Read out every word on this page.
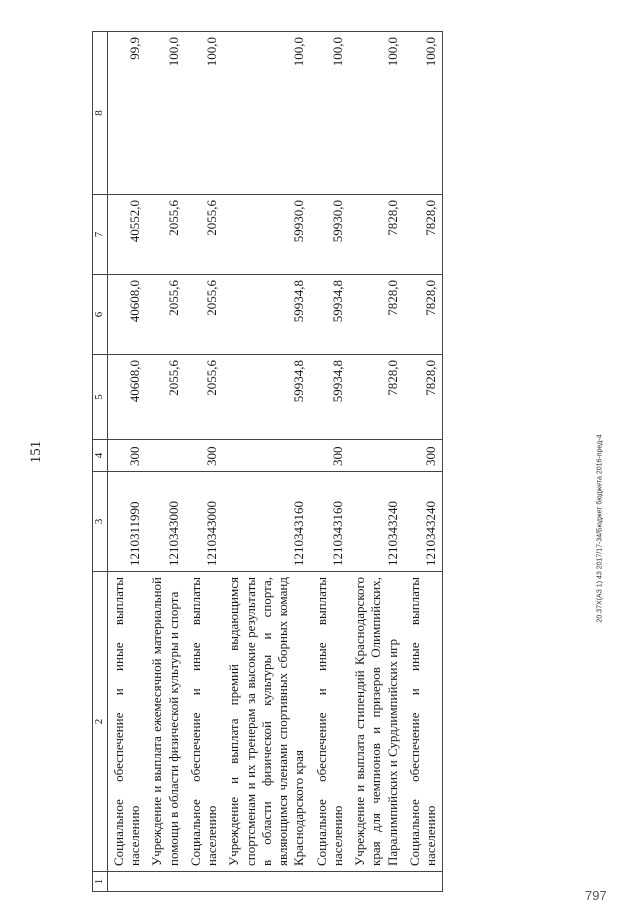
151
1	2	3	4	5	6	7	8
	Социальное обеспечение и иные выплаты населению	1210311990	300	40608,0	40608,0	40552,0	99,9
	Учреждение и выплата ежемесячной материальной помощи в области физической культуры и спорта	1210343000		2055,6	2055,6	2055,6	100,0
	Социальное обеспечение и иные выплаты населению	1210343000	300	2055,6	2055,6	2055,6	100,0
	Учреждение и выплата премий выдающимся спортсменам и их тренерам за высокие результаты в области физической культуры и спорта, являющимся членами спортивных сборных команд Краснодарского края	1210343160		59934,8	59934,8	59930,0	100,0
	Социальное обеспечение и иные выплаты населению	1210343160	300	59934,8	59934,8	59930,0	100,0
	Учреждение и выплата стипендий Краснодарского края для чемпионов и призеров Олимпийских, Паралимпийских и Сурдлимпийских игр	1210343240		7828,0	7828,0	7828,0	100,0
	Социальное обеспечение и иные выплаты населению	1210343240	300	7828,0	7828,0	7828,0	100,0
20.37X(АЗ 1) 43 2017/17-34/Бюджет бюджета 2016-пред-4
797
